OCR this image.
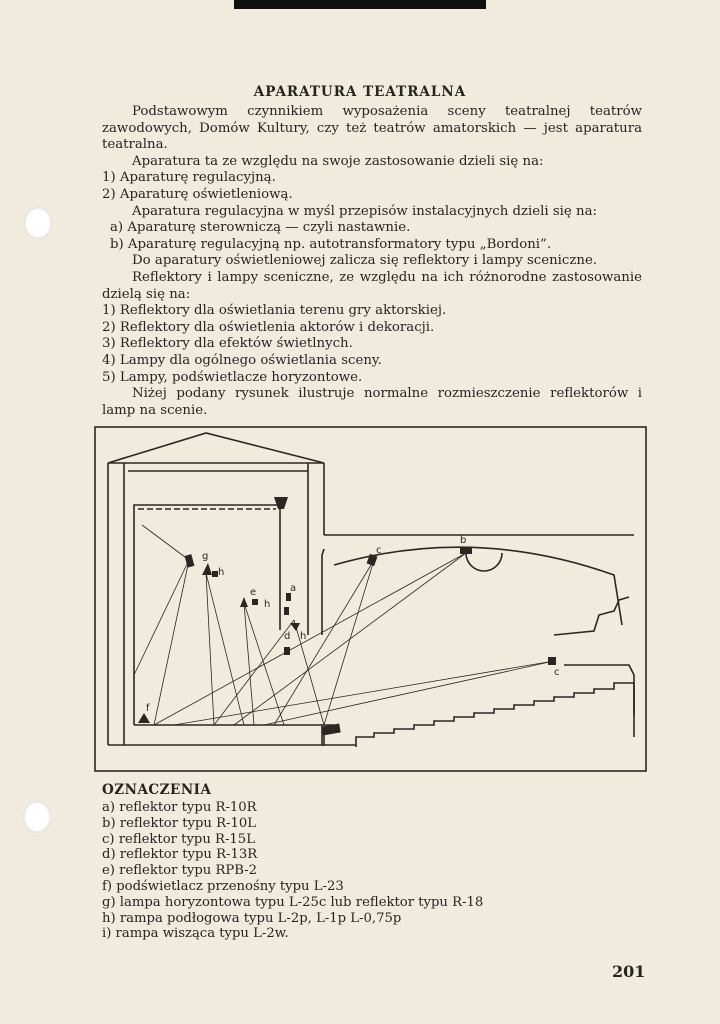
APARATURA TEATRALNA

Podstawowym czynnikiem wyposażenia sceny teatralnej teatrów zawodowych, Domów Kultury, czy też teatrów amatorskich — jest aparatura teatralna.

Aparatura ta ze względu na swoje zastosowanie dzieli się na:

1) Aparaturę regulacyjną.

2) Aparaturę oświetleniową.

Aparatura regulacyjna w myśl przepisów instalacyjnych dzieli się na:

a) Aparaturę sterowniczą — czyli nastawnie.

b) Aparaturę regulacyjną np. autotransformatory typu „Bordoni”.

Do aparatury oświetleniowej zalicza się reflektory i lampy sceniczne.

Reflektory i lampy sceniczne, ze względu na ich różnorodne zastosowanie dzielą się na:

1) Reflektory dla oświetlania terenu gry aktorskiej.

2) Reflektory dla oświetlenia aktorów i dekoracji.

3) Reflektory dla efektów świetlnych.

4) Lampy dla ogólnego oświetlania sceny.

5) Lampy, podświetlacze horyzontowe.

Niżej podany rysunek ilustruje normalne rozmieszczenie reflektorów i lamp na scenie.

g
h
e
h
a
d h
c
b
c
f
OZNACZENIA
a) reflektor typu R-10R
b) reflektor typu R-10L
c) reflektor typu R-15L
d) reflektor typu R-13R
e) reflektor typu RPB-2
f) podświetlacz przenośny typu L-23
g) lampa horyzontowa typu L-25c lub reflektor typu R-18
h) rampa podłogowa typu L-2p, L-1p L-0,75p
i) rampa wisząca typu L-2w.
201
